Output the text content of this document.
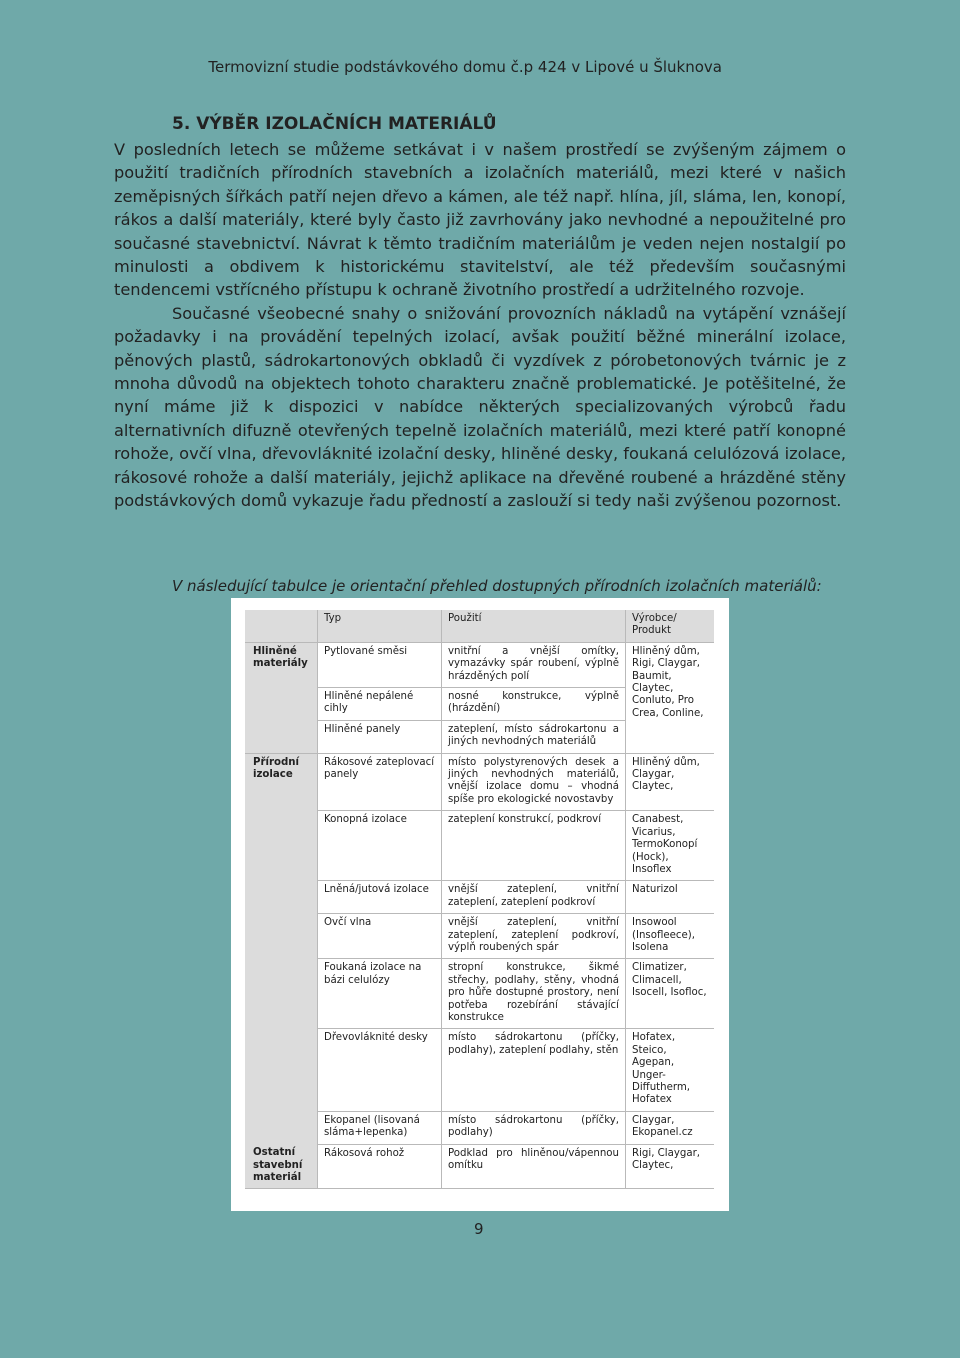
Termovizní studie podstávkového domu č.p 424 v Lipové u Šluknova
5. VÝBĚR IZOLAČNÍCH MATERIÁLŮ

V posledních letech se můžeme setkávat i v našem prostředí se zvýšeným zájmem o použití tradičních přírodních stavebních a izolačních materiálů, mezi které v našich zeměpisných šířkách patří nejen dřevo a kámen, ale též např. hlína, jíl, sláma, len, konopí, rákos a další materiály, které byly často již zavrhovány jako nevhodné a nepoužitelné pro současné stavebnictví. Návrat k těmto tradičním materiálům je veden nejen nostalgií po minulosti a obdivem k historickému stavitelství, ale též především současnými tendencemi vstřícného přístupu k ochraně životního prostředí a udržitelného rozvoje.

Současné všeobecné snahy o snižování provozních nákladů na vytápění vznášejí požadavky i na provádění tepelných izolací, avšak použití běžné minerální izolace, pěnových plastů, sádrokartonových obkladů či vyzdívek z pórobetonových tvárnic je z mnoha důvodů na objektech tohoto charakteru značně problematické. Je potěšitelné, že nyní máme již k dispozici v nabídce některých specializovaných výrobců řadu alternativních difuzně otevřených tepelně izolačních materiálů, mezi které patří konopné rohože, ovčí vlna, dřevovláknité izolační desky, hliněné desky, foukaná celulózová izolace, rákosové rohože a další materiály, jejichž aplikace na dřevěné roubené a hrázděné stěny podstávkových domů vykazuje řadu předností a zaslouží si tedy naši zvýšenou pozornost.

V následující tabulce je orientační přehled dostupných přírodních izolačních materiálů:
	Typ	Použití	Výrobce/ Produkt
Hliněné materiály	Pytlované směsi	vnitřní a vnější omítky, vymazávky spár roubení, výplně hrázděných polí	Hliněný dům, Rigi, Claygar, Baumit, Claytec, Conluto, Pro Crea, Conline,
	Hliněné nepálené cihly	nosné konstrukce, výplně (hrázdění)	
	Hliněné panely	zateplení, místo sádrokartonu a jiných nevhodných materiálů	
Přírodní izolace	Rákosové zateplovací panely	místo polystyrenových desek a jiných nevhodných materiálů, vnější izolace domu – vhodná spíše pro ekologické novostavby	Hliněný dům, Claygar, Claytec,
	Konopná izolace	zateplení konstrukcí, podkroví	Canabest, Vicarius, TermoKonopí (Hock), Insoflex
	Lněná/jutová izolace	vnější zateplení, vnitřní zateplení, zateplení podkroví	Naturizol
	Ovčí vlna	vnější zateplení, vnitřní zateplení, zateplení podkroví, výplň roubených spár	Insowool (Insofleece), Isolena
	Foukaná izolace na bázi celulózy	stropní konstrukce, šikmé střechy, podlahy, stěny, vhodná pro hůře dostupné prostory, není potřeba rozebírání stávající konstrukce	Climatizer, Climacell, Isocell, Isofloc,
	Dřevovláknité desky	místo sádrokartonu (příčky, podlahy), zateplení podlahy, stěn	Hofatex, Steico, Agepan, Unger-Diffutherm, Hofatex
	Ekopanel (lisovaná sláma+lepenka)	místo sádrokartonu (příčky, podlahy)	Claygar, Ekopanel.cz
Ostatní stavební materiál	Rákosová rohož	Podklad pro hliněnou/vápennou omítku	Rigi, Claygar, Claytec,
9
